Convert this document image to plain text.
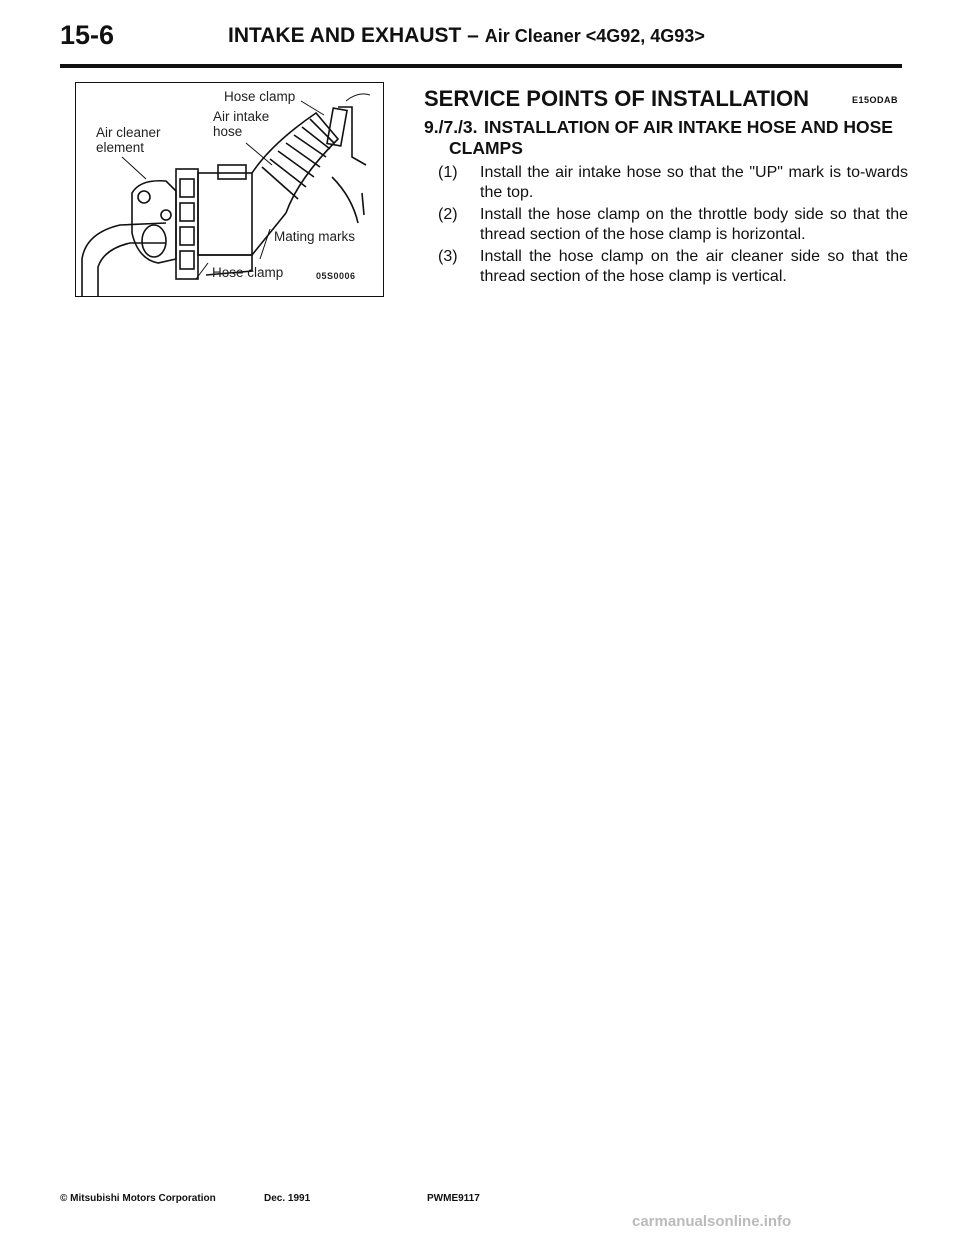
15-6	INTAKE AND EXHAUST – Air Cleaner <4G92, 4G93>
Hose clamp
Air intake
hose
Air cleaner
element
Mating marks
Hose clamp	05S0006
SERVICE POINTS OF INSTALLATION	E15ODAB
9./7./3. INSTALLATION OF AIR INTAKE HOSE AND HOSE
CLAMPS
(1)	Install the air intake hose so that the "UP" mark is to-wards the top.
(2)	Install the hose clamp on the throttle body side so that the thread section of the hose clamp is horizontal.
(3)	Install the hose clamp on the air cleaner side so that the thread section of the hose clamp is vertical.
© Mitsubishi Motors Corporation	Dec. 1991	PWME9117
carmanualsonline.info
